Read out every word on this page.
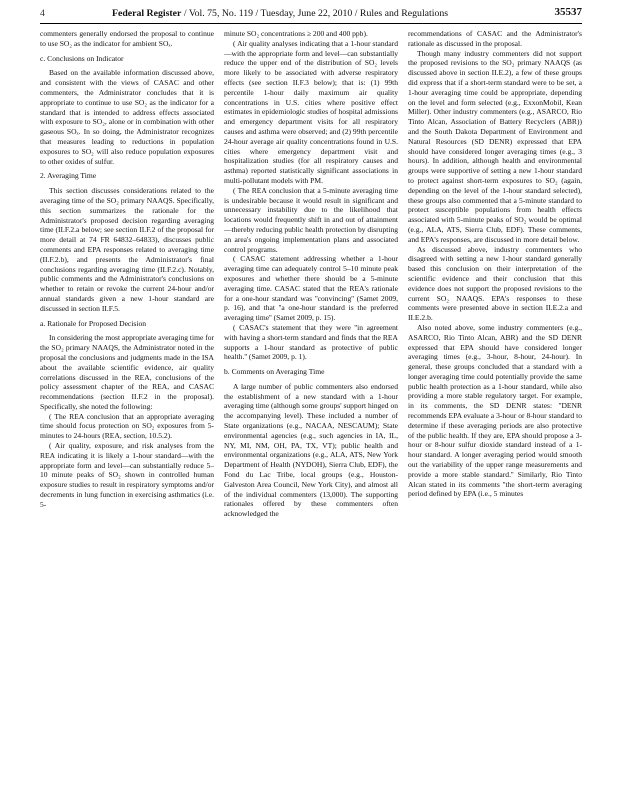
4	Federal Register / Vol. 75, No. 119 / Tuesday, June 22, 2010 / Rules and Regulations	35537

commenters generally endorsed the proposal to continue to use SO₂ as the indicator for ambient SOₓ.

c. Conclusions on Indicator

Based on the available information discussed above, and consistent with the views of CASAC and other commenters, the Administrator concludes that it is appropriate to continue to use SO₂ as the indicator for a standard that is intended to address effects associated with exposure to SO₂, alone or in combination with other gaseous SOₓ. In so doing, the Administrator recognizes that measures leading to reductions in population exposures to SO₂ will also reduce population exposures to other oxides of sulfur.

2. Averaging Time

This section discusses considerations related to the averaging time of the SO₂ primary NAAQS. Specifically, this section summarizes the rationale for the Administrator's proposed decision regarding averaging time (II.F.2.a below; see section II.F.2 of the proposal for more detail at 74 FR 64832–64833), discusses public comments and EPA responses related to averaging time (II.F.2.b), and presents the Administrator's final conclusions regarding averaging time (II.F.2.c). Notably, public comments and the Administrator's conclusions on whether to retain or revoke the current 24-hour and/or annual standards given a new 1-hour standard are discussed in section II.F.5.

a. Rationale for Proposed Decision

In considering the most appropriate averaging time for the SO₂ primary NAAQS, the Administrator noted in the proposal the conclusions and judgments made in the ISA about the available scientific evidence, air quality correlations discussed in the REA, conclusions of the policy assessment chapter of the REA, and CASAC recommendations (section II.F.2 in the proposal). Specifically, she noted the following:

( The REA conclusion that an appropriate averaging time should focus protection on SO₂ exposures from 5-minutes to 24-hours (REA, section, 10.5.2).

( Air quality, exposure, and risk analyses from the REA indicating it is likely a 1-hour standard—with the appropriate form and level—can substantially reduce 5–10 minute peaks of SO₂ shown in controlled human exposure studies to result in respiratory symptoms and/or decrements in lung function in exercising asthmatics (i.e. 5-

minute SO₂ concentrations ≥ 200 and 400 ppb).

( Air quality analyses indicating that a 1-hour standard—with the appropriate form and level—can substantially reduce the upper end of the distribution of SO₂ levels more likely to be associated with adverse respiratory effects (see section II.F.3 below); that is: (1) 99th percentile 1-hour daily maximum air quality concentrations in U.S. cities where positive effect estimates in epidemiologic studies of hospital admissions and emergency department visits for all respiratory causes and asthma were observed; and (2) 99th percentile 24-hour average air quality concentrations found in U.S. cities where emergency department visit and hospitalization studies (for all respiratory causes and asthma) reported statistically significant associations in multi-pollutant models with PM.

( The REA conclusion that a 5-minute averaging time is undesirable because it would result in significant and unnecessary instability due to the likelihood that locations would frequently shift in and out of attainment—thereby reducing public health protection by disrupting an area's ongoing implementation plans and associated control programs.

( CASAC statement addressing whether a 1-hour averaging time can adequately control 5–10 minute peak exposures and whether there should be a 5-minute averaging time. CASAC stated that the REA's rationale for a one-hour standard was ''convincing'' (Samet 2009, p. 16), and that ''a one-hour standard is the preferred averaging time'' (Samet 2009, p. 15).

( CASAC's statement that they were ''in agreement with having a short-term standard and finds that the REA supports a 1-hour standard as protective of public health.'' (Samet 2009, p. 1).

b. Comments on Averaging Time

A large number of public commenters also endorsed the establishment of a new standard with a 1-hour averaging time (although some groups' support hinged on the accompanying level). These included a number of State organizations (e.g., NACAA, NESCAUM); State environmental agencies (e.g., such agencies in IA, IL, NY, MI, NM, OH, PA, TX, VT); public health and environmental organizations (e.g., ALA, ATS, New York Department of Health (NYDOH), Sierra Club, EDF), the Fond du Lac Tribe, local groups (e.g., Houston-Galveston Area Council, New York City), and almost all of the individual commenters (13,000). The supporting rationales offered by these commenters often acknowledged the

recommendations of CASAC and the Administrator's rationale as discussed in the proposal.

Though many industry commenters did not support the proposed revisions to the SO₂ primary NAAQS (as discussed above in section II.E.2), a few of these groups did express that if a short-term standard were to be set, a 1-hour averaging time could be appropriate, depending on the level and form selected (e.g., ExxonMobil, Kean Miller). Other industry commenters (e.g., ASARCO, Rio Tinto Alcan, Association of Battery Recyclers (ABR)) and the South Dakota Department of Environment and Natural Resources (SD DENR) expressed that EPA should have considered longer averaging times (e.g., 3 hours). In addition, although health and environmental groups were supportive of setting a new 1-hour standard to protect against short-term exposures to SO₂ (again, depending on the level of the 1-hour standard selected), these groups also commented that a 5-minute standard to protect susceptible populations from health effects associated with 5-minute peaks of SO₂ would be optimal (e.g., ALA, ATS, Sierra Club, EDF). These comments, and EPA's responses, are discussed in more detail below.

As discussed above, industry commenters who disagreed with setting a new 1-hour standard generally based this conclusion on their interpretation of the scientific evidence and their conclusion that this evidence does not support the proposed revisions to the current SO₂ NAAQS. EPA's responses to these comments were presented above in section II.E.2.a and II.E.2.b.

Also noted above, some industry commenters (e.g., ASARCO, Rio Tinto Alcan, ABR) and the SD DENR expressed that EPA should have considered longer averaging times (e.g., 3-hour, 8-hour, 24-hour). In general, these groups concluded that a standard with a longer averaging time could potentially provide the same public health protection as a 1-hour standard, while also providing a more stable regulatory target. For example, in its comments, the SD DENR states: ''DENR recommends EPA evaluate a 3-hour or 8-hour standard to determine if these averaging periods are also protective of the public health. If they are, EPA should propose a 3-hour or 8-hour sulfur dioxide standard instead of a 1-hour standard. A longer averaging period would smooth out the variability of the upper range measurements and provide a more stable standard.'' Similarly, Rio Tinto Alcan stated in its comments ''the short-term averaging period defined by EPA (i.e., 5 minutes
